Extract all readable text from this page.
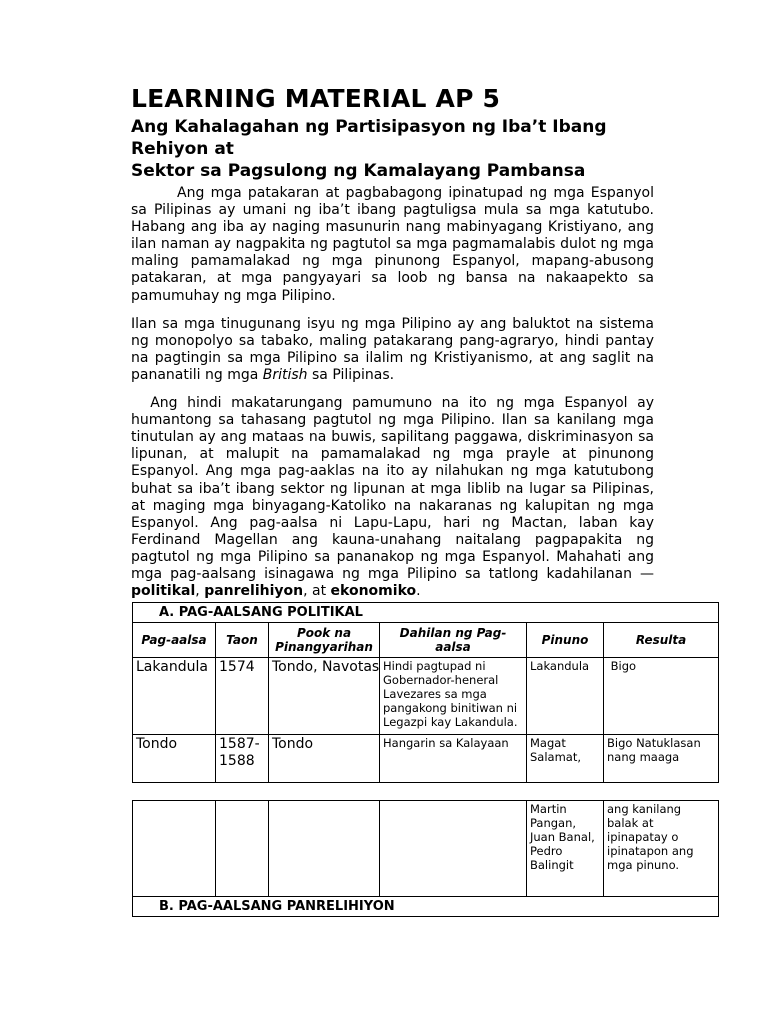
LEARNING MATERIAL AP 5
Ang Kahalagahan ng Partisipasyon ng Iba’t Ibang Rehiyon at
Sektor sa Pagsulong ng Kamalayang Pambansa

Ang mga patakaran at pagbabagong ipinatupad ng mga Espanyol sa Pilipinas ay umani ng iba’t ibang pagtuligsa mula sa mga katutubo. Habang ang iba ay naging masunurin nang mabinyagang Kristiyano, ang ilan naman ay nagpakita ng pagtutol sa mga pagmamalabis dulot ng mga maling pamamalakad ng mga pinunong Espanyol, mapang-abusong patakaran, at mga pangyayari sa loob ng bansa na nakaapekto sa pamumuhay ng mga Pilipino.

Ilan sa mga tinugunang isyu ng mga Pilipino ay ang baluktot na sistema ng monopolyo sa tabako, maling patakarang pang-agraryo, hindi pantay na pagtingin sa mga Pilipino sa ilalim ng Kristiyanismo, at ang saglit na pananatili ng mga British sa Pilipinas.

Ang hindi makatarungang pamumuno na ito ng mga Espanyol ay humantong sa tahasang pagtutol ng mga Pilipino. Ilan sa kanilang mga tinutulan ay ang mataas na buwis, sapilitang paggawa, diskriminasyon sa lipunan, at malupit na pamamalakad ng mga prayle at pinunong Espanyol. Ang mga pag-aaklas na ito ay nilahukan ng mga katutubong buhat sa iba’t ibang sektor ng lipunan at mga liblib na lugar sa Pilipinas, at maging mga binyagang-Katoliko na nakaranas ng kalupitan ng mga Espanyol. Ang pag-aalsa ni Lapu-Lapu, hari ng Mactan, laban kay Ferdinand Magellan ang kauna-unahang naitalang pagpapakita ng pagtutol ng mga Pilipino sa pananakop ng mga Espanyol. Mahahati ang mga pag-aalsang isinagawa ng mga Pilipino sa tatlong kadahilanan — politikal, panrelihiyon, at ekonomiko.

A. PAG-AALSANG POLITIKAL					
Pag-aalsa	Taon	Pook na Pinangyarihan	Dahilan ng Pag-aalsa	Pinuno	Resulta
Lakandula	1574	Tondo, Navotas	Hindi pagtupad ni Gobernador-heneral Lavezares sa mga pangakong binitiwan ni Legazpi kay Lakandula.	Lakandula	Bigo
Tondo	1587-1588	Tondo	Hangarin sa Kalayaan	Magat Salamat,	Bigo Natuklasan nang maaga
				Martin Pangan, Juan Banal, Pedro Balingit	ang kanilang balak at ipinapatay o ipinatapon ang mga pinuno.
B. PAG-AALSANG PANRELIHIYON
